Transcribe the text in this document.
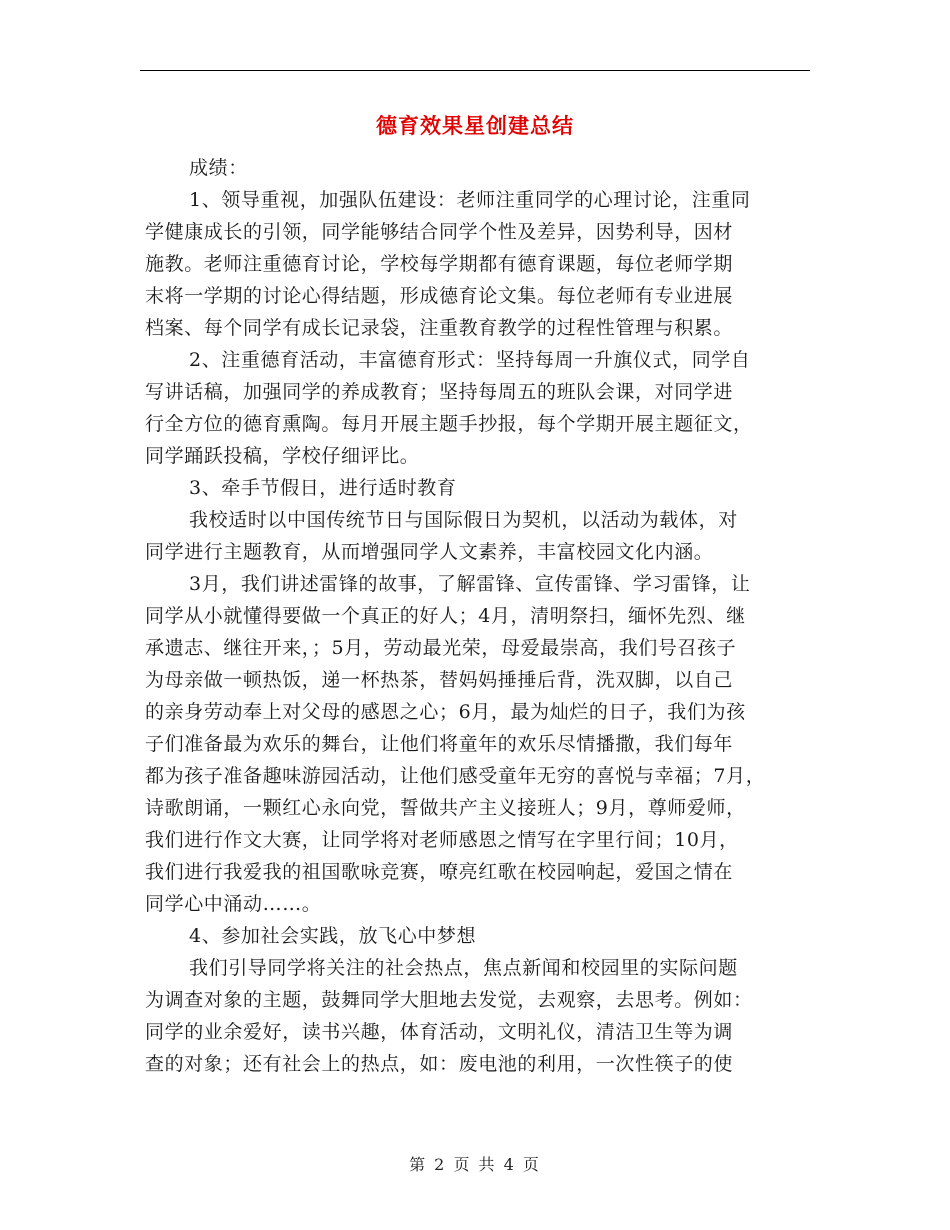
德育效果星创建总结
成绩：
1、领导重视，加强队伍建设：老师注重同学的心理讨论，注重同
学健康成长的引领，同学能够结合同学个性及差异，因势利导，因材
施教。老师注重德育讨论，学校每学期都有德育课题，每位老师学期
末将一学期的讨论心得结题，形成德育论文集。每位老师有专业进展
档案、每个同学有成长记录袋，注重教育教学的过程性管理与积累。
2、注重德育活动，丰富德育形式：坚持每周一升旗仪式，同学自
写讲话稿，加强同学的养成教育；坚持每周五的班队会课，对同学进
行全方位的德育熏陶。每月开展主题手抄报，每个学期开展主题征文，
同学踊跃投稿，学校仔细评比。
3、牵手节假日，进行适时教育
我校适时以中国传统节日与国际假日为契机，以活动为载体，对
同学进行主题教育，从而增强同学人文素养，丰富校园文化内涵。
3月，我们讲述雷锋的故事，了解雷锋、宣传雷锋、学习雷锋，让
同学从小就懂得要做一个真正的好人；4月，清明祭扫，缅怀先烈、继
承遗志、继往开来，；5月，劳动最光荣，母爱最崇高，我们号召孩子
为母亲做一顿热饭，递一杯热茶，替妈妈捶捶后背，洗双脚，以自己
的亲身劳动奉上对父母的感恩之心；6月，最为灿烂的日子，我们为孩
子们准备最为欢乐的舞台，让他们将童年的欢乐尽情播撒，我们每年
都为孩子准备趣味游园活动，让他们感受童年无穷的喜悦与幸福；7月，
诗歌朗诵，一颗红心永向党，誓做共产主义接班人；9月，尊师爱师，
我们进行作文大赛，让同学将对老师感恩之情写在字里行间；10月，
我们进行我爱我的祖国歌咏竞赛，嘹亮红歌在校园响起，爱国之情在
同学心中涌动……。
4、参加社会实践，放飞心中梦想
我们引导同学将关注的社会热点，焦点新闻和校园里的实际问题
为调查对象的主题，鼓舞同学大胆地去发觉，去观察，去思考。例如：
同学的业余爱好，读书兴趣，体育活动，文明礼仪，清洁卫生等为调
查的对象；还有社会上的热点，如：废电池的利用，一次性筷子的使
第 2 页 共 4 页
